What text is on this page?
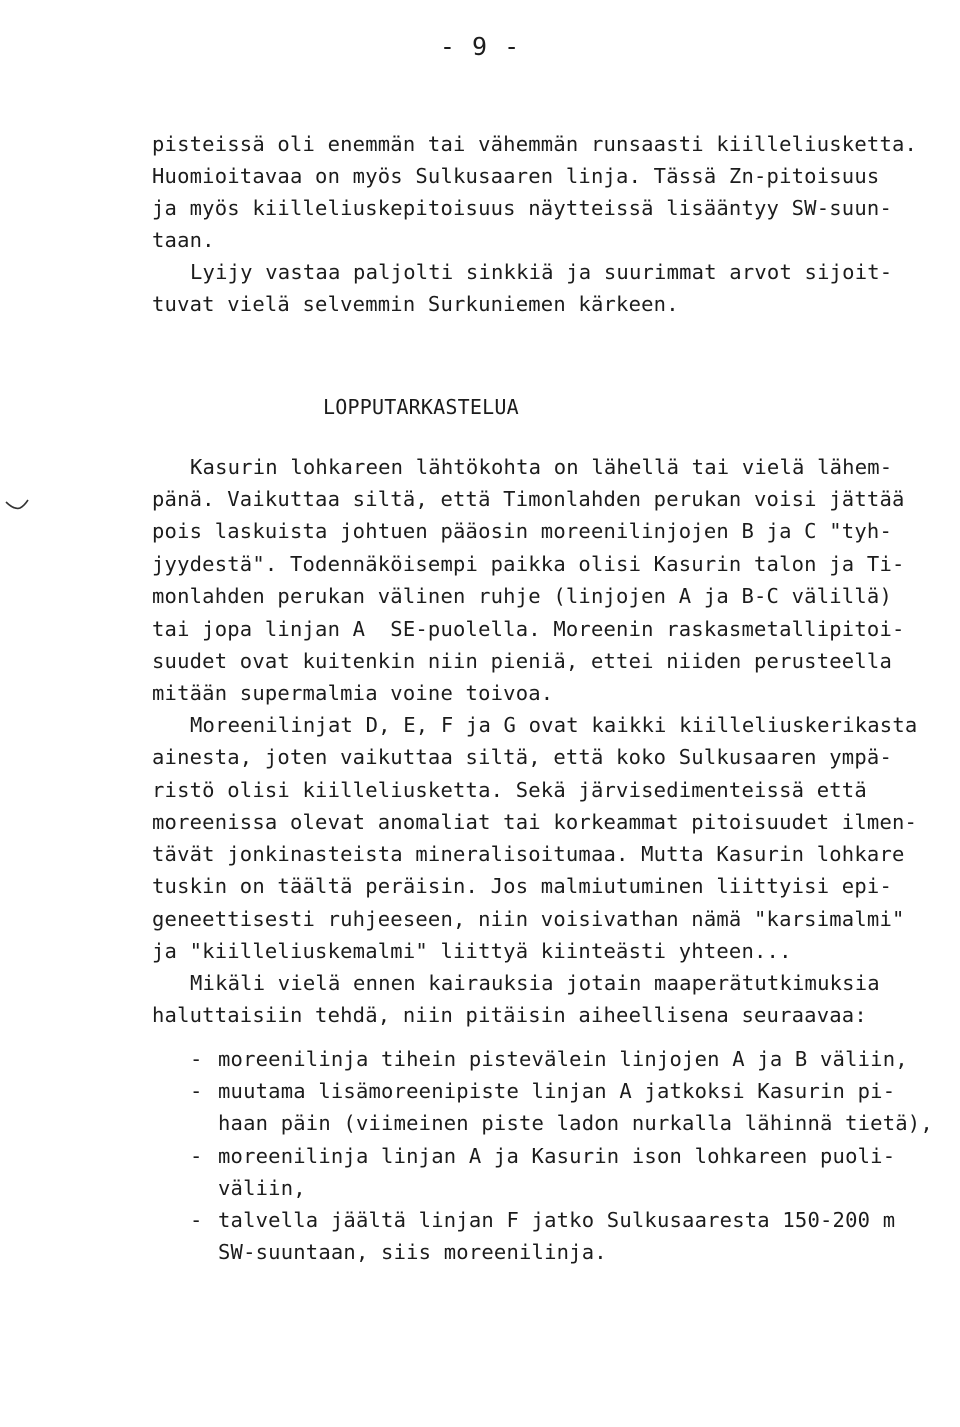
- 9 -
pisteissä oli enemmän tai vähemmän runsaasti kiilleliusketta.
Huomioitavaa on myös Sulkusaaren linja. Tässä Zn-pitoisuus
ja myös kiilleliuskepitoisuus näytteissä lisääntyy SW-suun-
taan.
Lyijy vastaa paljolti sinkkiä ja suurimmat arvot sijoit-
tuvat vielä selvemmin Surkuniemen kärkeen.
LOPPUTARKASTELUA
Kasurin lohkareen lähtökohta on lähellä tai vielä lähem-
pänä. Vaikuttaa siltä, että Timonlahden perukan voisi jättää
pois laskuista johtuen pääosin moreenilinjojen B ja C "tyh-
jyydestä". Todennäköisempi paikka olisi Kasurin talon ja Ti-
monlahden perukan välinen ruhje (linjojen A ja B-C välillä)
tai jopa linjan A  SE-puolella. Moreenin raskasmetallipitoi-
suudet ovat kuitenkin niin pieniä, ettei niiden perusteella
mitään supermalmia voine toivoa.
Moreenilinjat D, E, F ja G ovat kaikki kiilleliuskerikasta
ainesta, joten vaikuttaa siltä, että koko Sulkusaaren ympä-
ristö olisi kiilleliusketta. Sekä järvisedimenteissä että
moreenissa olevat anomaliat tai korkeammat pitoisuudet ilmen-
tävät jonkinasteista mineralisoitumaa. Mutta Kasurin lohkare
tuskin on täältä peräisin. Jos malmiutuminen liittyisi epi-
geneettisesti ruhjeeseen, niin voisivathan nämä "karsimalmi"
ja "kiilleliuskemalmi" liittyä kiinteästi yhteen...
Mikäli vielä ennen kairauksia jotain maaperätutkimuksia
haluttaisiin tehdä, niin pitäisin aiheellisena seuraavaa:
- moreenilinja tihein pistevälein linjojen A ja B väliin,
- muutama lisämoreenipiste linjan A jatkoksi Kasurin pi-
haan päin (viimeinen piste ladon nurkalla lähinnä tietä),
- moreenilinja linjan A ja Kasurin ison lohkareen puoli-
väliin,
- talvella jäältä linjan F jatko Sulkusaaresta 150-200 m
SW-suuntaan, siis moreenilinja.
